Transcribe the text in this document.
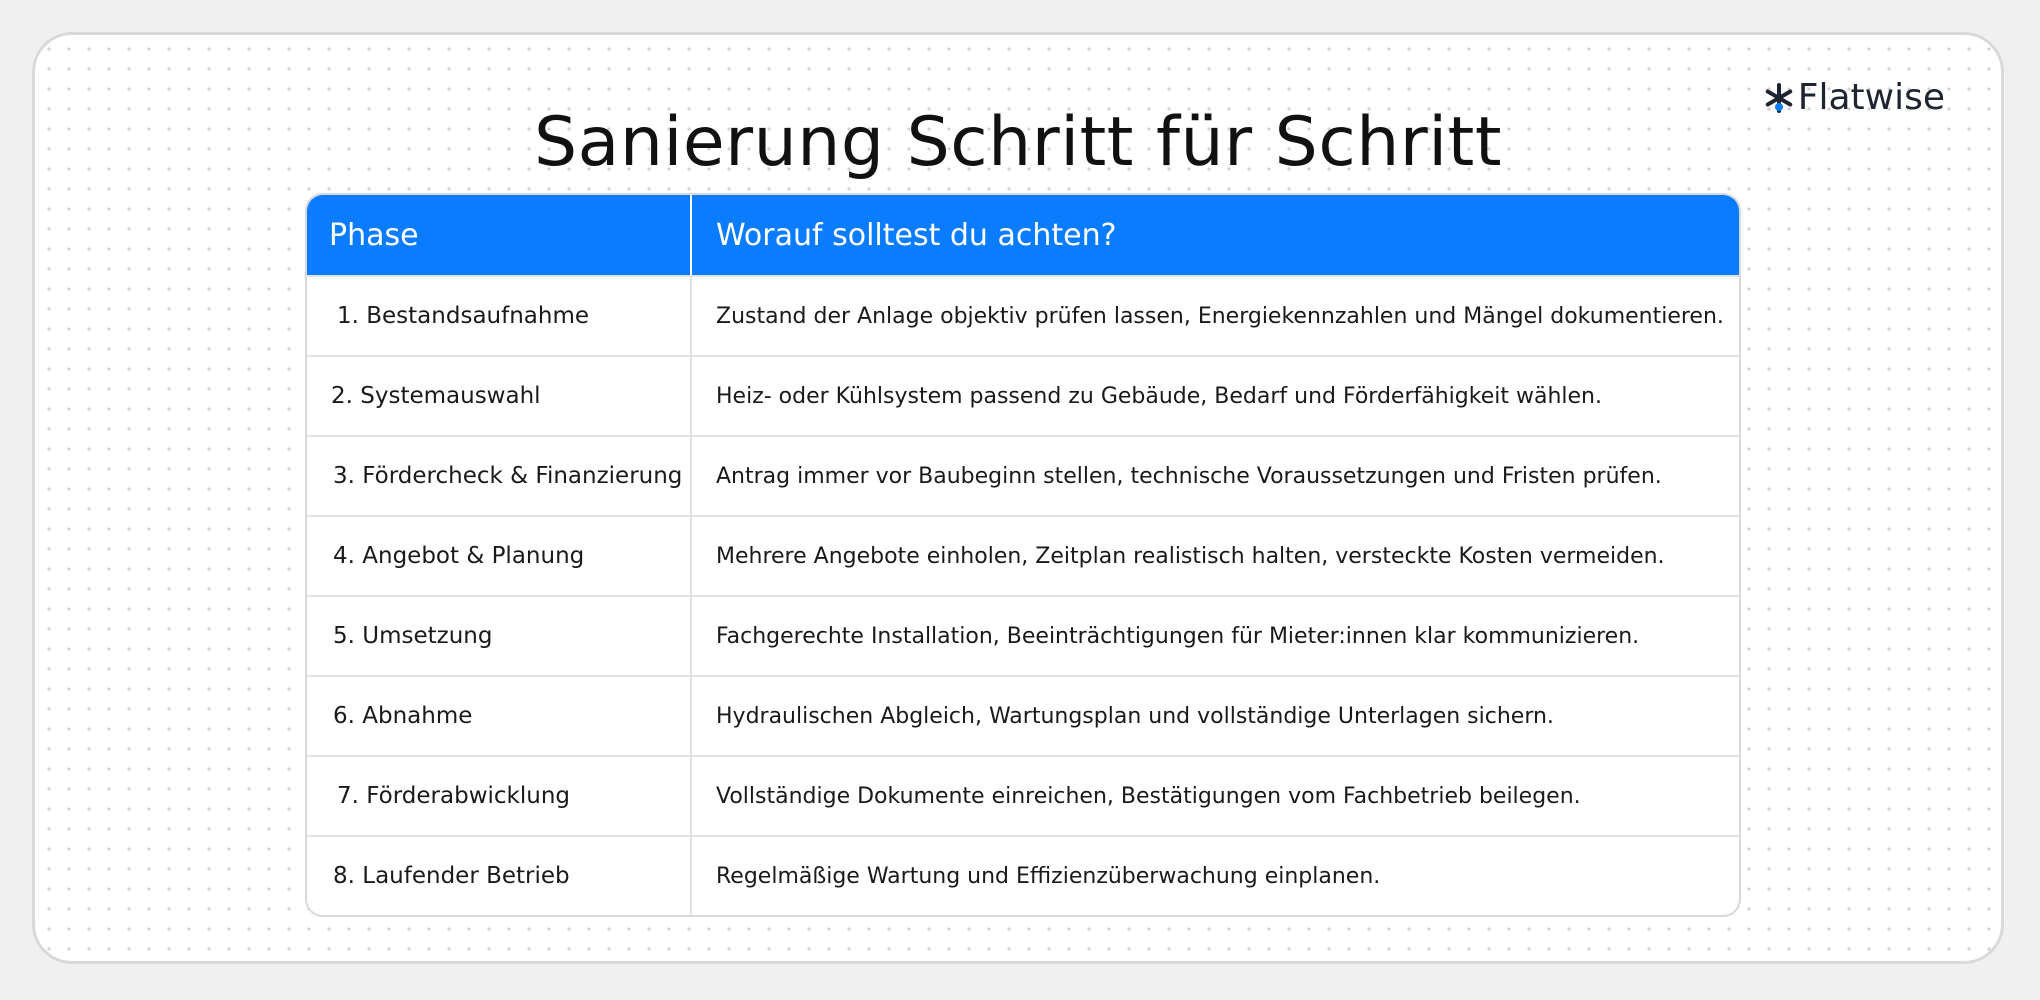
Flatwise
Sanierung Schritt für Schritt
Phase	Worauf solltest du achten?
1. Bestandsaufnahme	Zustand der Anlage objektiv prüfen lassen, Energiekennzahlen und Mängel dokumentieren.
2. Systemauswahl	Heiz- oder Kühlsystem passend zu Gebäude, Bedarf und Förderfähigkeit wählen.
3. Fördercheck & Finanzierung	Antrag immer vor Baubeginn stellen, technische Voraussetzungen und Fristen prüfen.
4. Angebot & Planung	Mehrere Angebote einholen, Zeitplan realistisch halten, versteckte Kosten vermeiden.
5. Umsetzung	Fachgerechte Installation, Beeinträchtigungen für Mieter:innen klar kommunizieren.
6. Abnahme	Hydraulischen Abgleich, Wartungsplan und vollständige Unterlagen sichern.
7. Förderabwicklung	Vollständige Dokumente einreichen, Bestätigungen vom Fachbetrieb beilegen.
8. Laufender Betrieb	Regelmäßige Wartung und Effizienzüberwachung einplanen.
